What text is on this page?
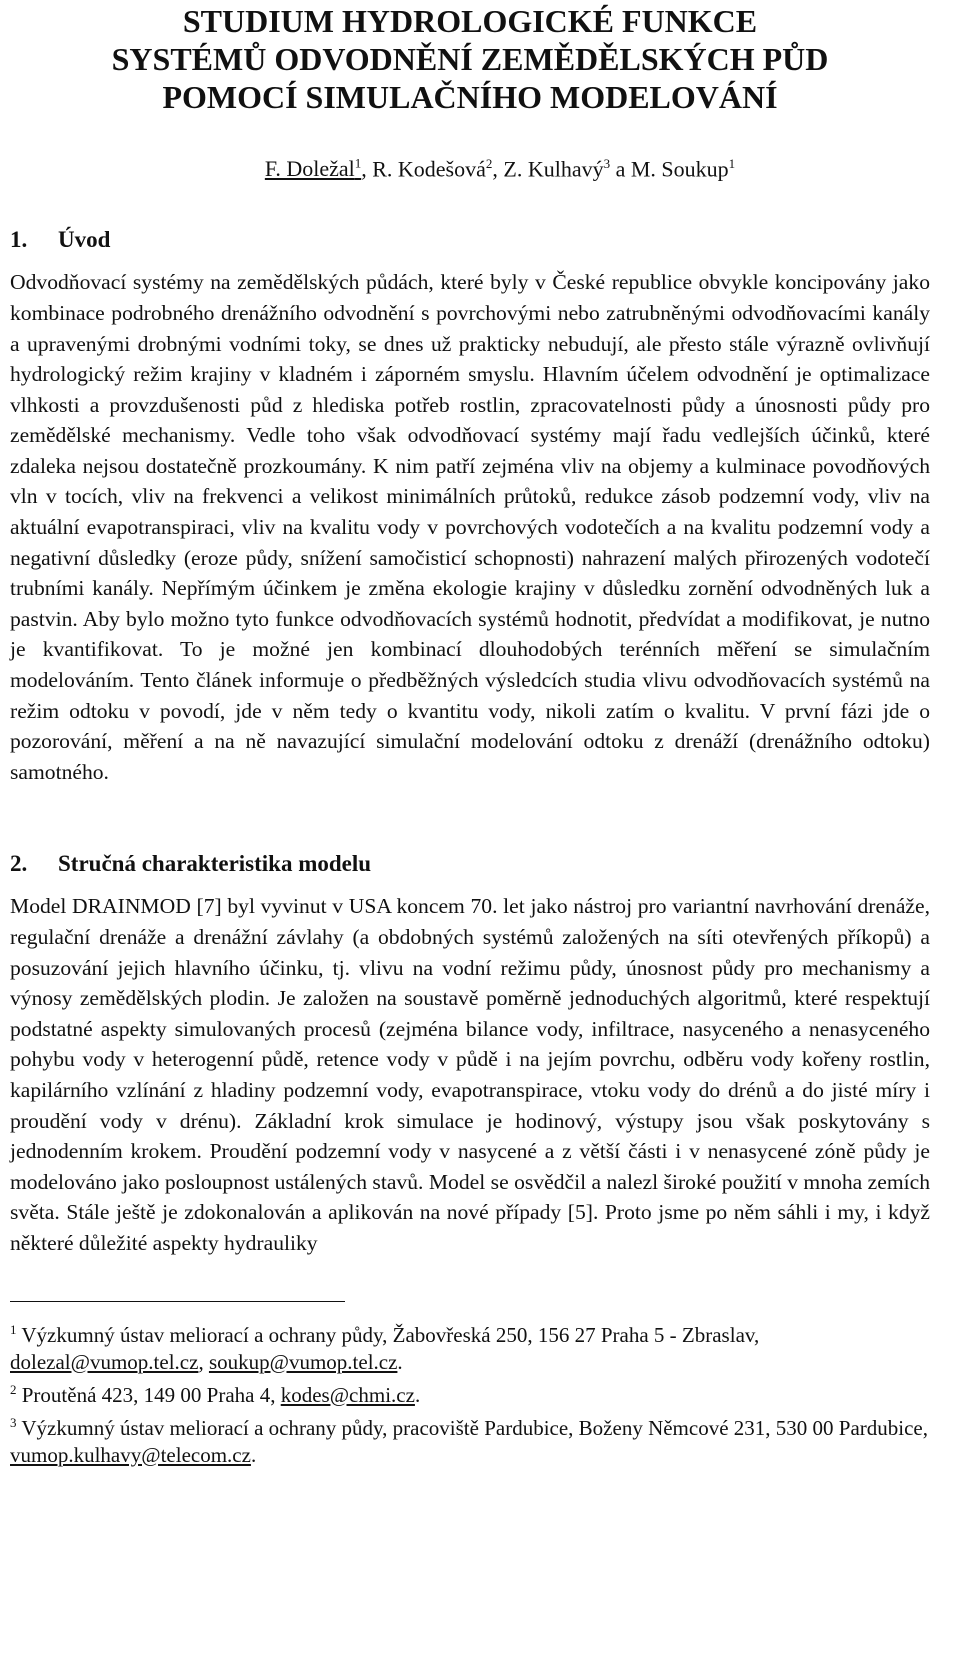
STUDIUM HYDROLOGICKÉ FUNKCE
SYSTÉMŮ ODVODNĚNÍ ZEMĚDĚLSKÝCH PŮD
POMOCÍ SIMULAČNÍHO MODELOVÁNÍ
F. Doležal$^1$, R. Kodešová$^2$, Z. Kulhavý$^3$ a M. Soukup$^1$
1. Úvod

Odvodňovací systémy na zemědělských půdách, které byly v České republice obvykle koncipovány jako kombinace podrobného drenážního odvodnění s povrchovými nebo zatrubněnými odvodňovacími kanály a upravenými drobnými vodními toky, se dnes už prakticky nebudují, ale přesto stále výrazně ovlivňují hydrologický režim krajiny v kladném i záporném smyslu. Hlavním účelem odvodnění je optimalizace vlhkosti a provzdušenosti půd z hlediska potřeb rostlin, zpracovatelnosti půdy a únosnosti půdy pro zemědělské mechanismy. Vedle toho však odvodňovací systémy mají řadu vedlejších účinků, které zdaleka nejsou dostatečně prozkoumány. K nim patří zejména vliv na objemy a kulminace povodňových vln v tocích, vliv na frekvenci a velikost minimálních průtoků, redukce zásob podzemní vody, vliv na aktuální evapotranspiraci, vliv na kvalitu vody v povrchových vodotečích a na kvalitu podzemní vody a negativní důsledky (eroze půdy, snížení samočisticí schopnosti) nahrazení malých přirozených vodotečí trubními kanály. Nepřímým účinkem je změna ekologie krajiny v důsledku zornění odvodněných luk a pastvin. Aby bylo možno tyto funkce odvodňovacích systémů hodnotit, předvídat a modifikovat, je nutno je kvantifikovat. To je možné jen kombinací dlouhodobých terénních měření se simulačním modelováním. Tento článek informuje o předběžných výsledcích studia vlivu odvodňovacích systémů na režim odtoku v povodí, jde v něm tedy o kvantitu vody, nikoli zatím o kvalitu. V první fázi jde o pozorování, měření a na ně navazující simulační modelování odtoku z drenáží (drenážního odtoku) samotného.

2. Stručná charakteristika modelu

Model DRAINMOD [7] byl vyvinut v USA koncem 70. let jako nástroj pro variantní navrhování drenáže, regulační drenáže a drenážní závlahy (a obdobných systémů založených na síti otevřených příkopů) a posuzování jejich hlavního účinku, tj. vlivu na vodní režimu půdy, únosnost půdy pro mechanismy a výnosy zemědělských plodin. Je založen na soustavě poměrně jednoduchých algoritmů, které respektují podstatné aspekty simulovaných procesů (zejména bilance vody, infiltrace, nasyceného a nenasyceného pohybu vody v heterogenní půdě, retence vody v půdě i na jejím povrchu, odběru vody kořeny rostlin, kapilárního vzlínání z hladiny podzemní vody, evapotranspirace, vtoku vody do drénů a do jisté míry i proudění vody v drénu). Základní krok simulace je hodinový, výstupy jsou však poskytovány s jednodenním krokem. Proudění podzemní vody v nasycené a z větší části i v nenasycené zóně půdy je modelováno jako posloupnost ustálených stavů. Model se osvědčil a nalezl široké použití v mnoha zemích světa. Stále ještě je zdokonalován a aplikován na nové případy [5]. Proto jsme po něm sáhli i my, i když některé důležité aspekty hydrauliky

$^1$ Výzkumný ústav meliorací a ochrany půdy, Žabovřeská 250, 156 27 Praha 5 - Zbraslav,
dolezal@vumop.tel.cz, soukup@vumop.tel.cz.

$^2$ Proutěná 423, 149 00 Praha 4, kodes@chmi.cz.

$^3$ Výzkumný ústav meliorací a ochrany půdy, pracoviště Pardubice, Boženy Němcové 231, 530 00 Pardubice, vumop.kulhavy@telecom.cz.
